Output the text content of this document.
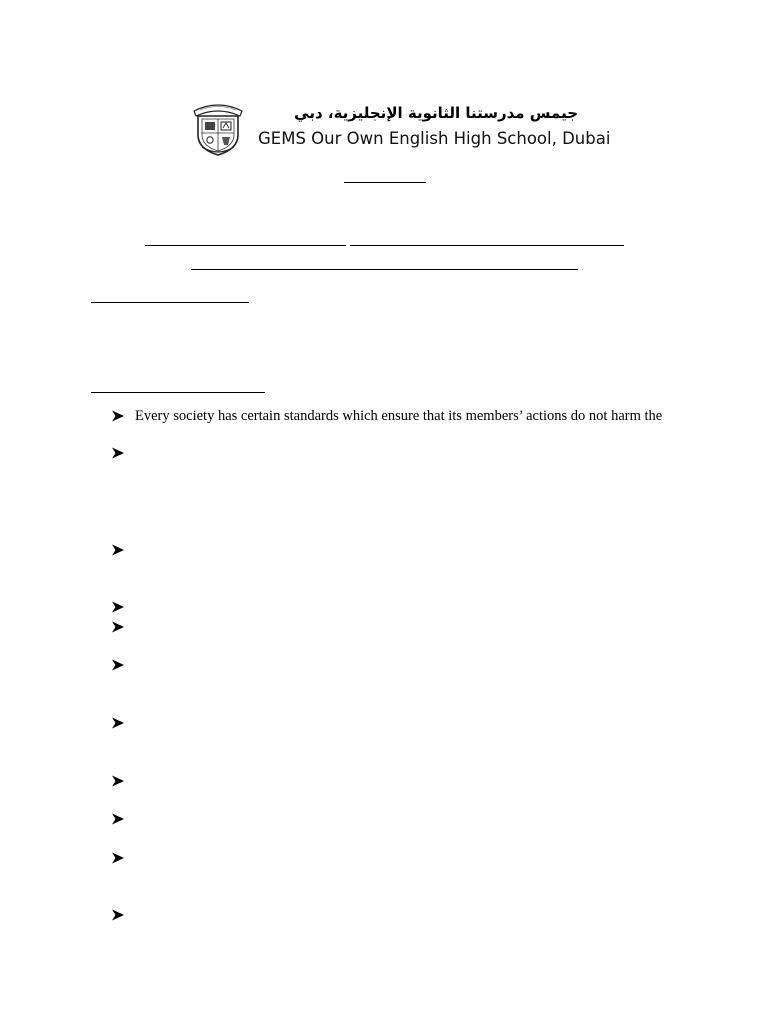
جيمس مدرستنا الثانوية الإنجليزية، دبي
GEMS Our Own English High School, Dubai
Every society has certain standards which ensure that its members’ actions do not harm the
